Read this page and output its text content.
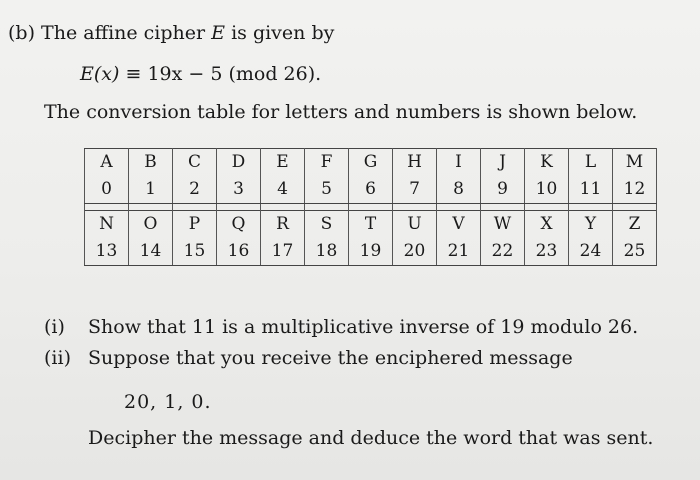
(b) The affine cipher E is given by
E(x) ≡ 19x − 5 (mod 26).
The conversion table for letters and numbers is shown below.
A	B	C	D	E	F	G	H	I	J	K	L	M
0	1	2	3	4	5	6	7	8	9	10	11	12

N	O	P	Q	R	S	T	U	V	W	X	Y	Z
13	14	15	16	17	18	19	20	21	22	23	24	25
(i) Show that 11 is a multiplicative inverse of 19 modulo 26.
(ii) Suppose that you receive the enciphered message
20, 1, 0.
Decipher the message and deduce the word that was sent.
